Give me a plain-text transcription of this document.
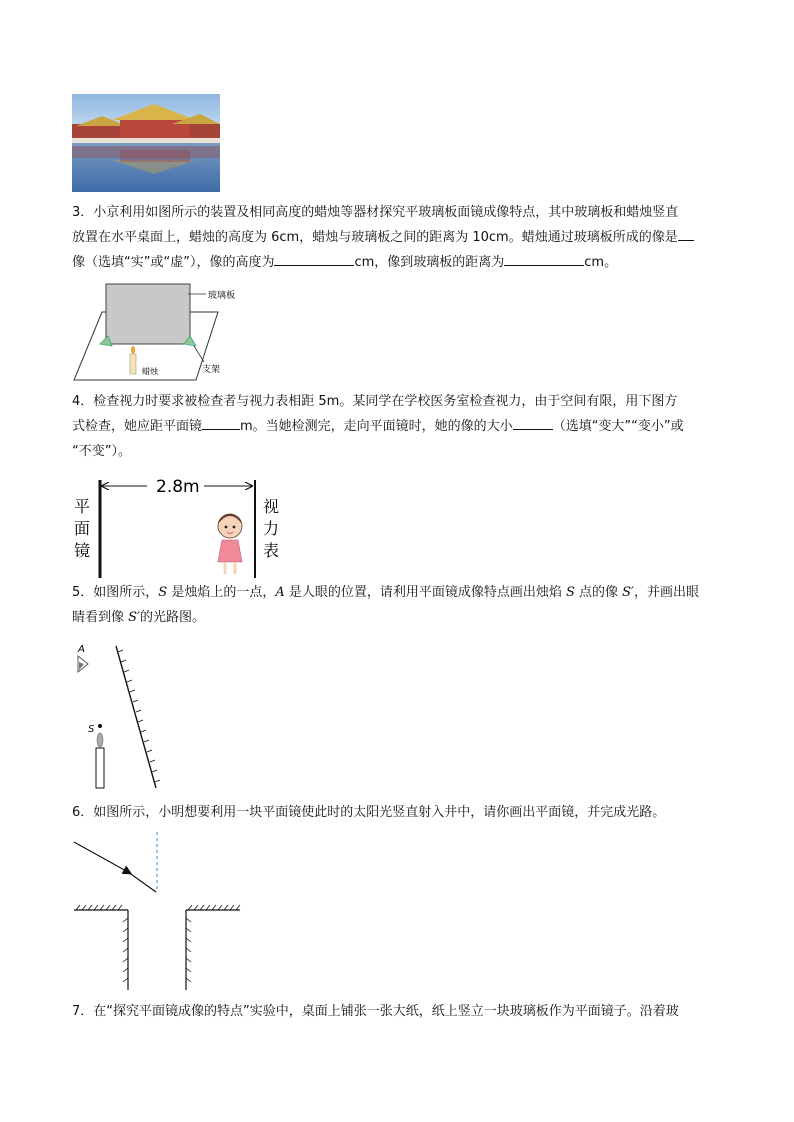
3．小京利用如图所示的装置及相同高度的蜡烛等器材探究平玻璃板面镜成像特点，其中玻璃板和蜡烛竖直
放置在水平桌面上，蜡烛的高度为 6cm，蜡烛与玻璃板之间的距离为 10cm。蜡烛通过玻璃板所成的像是
像（选填“实”或“虚”），像的高度为	cm，像到玻璃板的距离为	cm。
玻璃板
蜡烛	支架
4．检查视力时要求被检查者与视力表相距 5m。某同学在学校医务室检查视力，由于空间有限，用下图方
式检查，她应距平面镜	m。当她检测完，走向平面镜时，她的像的大小	（选填“变大”“变小”或
“不变”）。
2.8m
平
面
镜
视
力
表
5．如图所示，S 是烛焰上的一点，A 是人眼的位置，请利用平面镜成像特点画出烛焰 S 点的像 S′，并画出眼
睛看到像 S′的光路图。
A
S
6．如图所示，小明想要利用一块平面镜使此时的太阳光竖直射入井中，请你画出平面镜，并完成光路。
7．在“探究平面镜成像的特点”实验中，桌面上铺张一张大纸，纸上竖立一块玻璃板作为平面镜子。沿着玻
